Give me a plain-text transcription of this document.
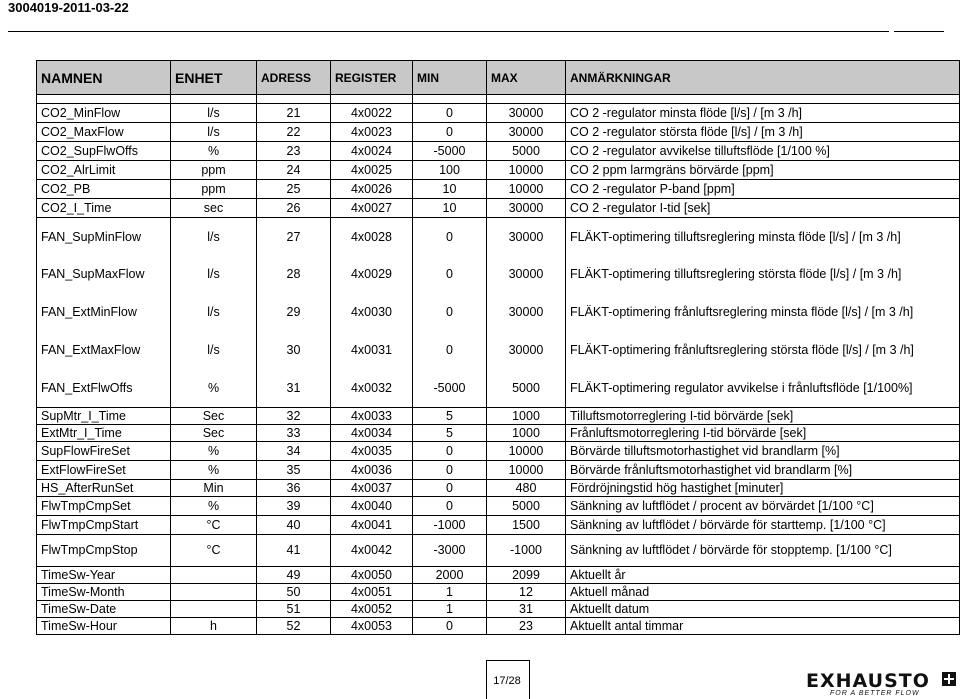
3004019-2011-03-22
NAMNEN	ENHET	ADRESS	REGISTER	MIN	MAX	ANMÄRKNINGAR

CO2_MinFlow	l/s	21	4x0022	0	30000	CO 2 -regulator minsta flöde [l/s] / [m 3 /h]
CO2_MaxFlow	l/s	22	4x0023	0	30000	CO 2 -regulator största flöde [l/s] / [m 3 /h]
CO2_SupFlwOffs	%	23	4x0024	-5000	5000	CO 2 -regulator avvikelse tilluftsflöde [1/100 %]
CO2_AlrLimit	ppm	24	4x0025	100	10000	CO 2 ppm larmgräns börvärde [ppm]
CO2_PB	ppm	25	4x0026	10	10000	CO 2 -regulator P-band [ppm]
CO2_I_Time	sec	26	4x0027	10	30000	CO 2 -regulator I-tid [sek]
FAN_SupMinFlow	l/s	27	4x0028	0	30000	FLÄKT-optimering tilluftsreglering minsta flöde [l/s] / [m 3 /h]
FAN_SupMaxFlow	l/s	28	4x0029	0	30000	FLÄKT-optimering tilluftsreglering största flöde [l/s] / [m 3 /h]
FAN_ExtMinFlow	l/s	29	4x0030	0	30000	FLÄKT-optimering frånluftsreglering minsta flöde [l/s] / [m 3 /h]
FAN_ExtMaxFlow	l/s	30	4x0031	0	30000	FLÄKT-optimering frånluftsreglering största flöde [l/s] / [m 3 /h]
FAN_ExtFlwOffs	%	31	4x0032	-5000	5000	FLÄKT-optimering regulator avvikelse i frånluftsflöde [1/100%]
SupMtr_I_Time	Sec	32	4x0033	5	1000	Tilluftsmotorreglering I-tid börvärde [sek]
ExtMtr_I_Time	Sec	33	4x0034	5	1000	Frånluftsmotorreglering I-tid börvärde [sek]
SupFlowFireSet	%	34	4x0035	0	10000	Börvärde tilluftsmotorhastighet vid brandlarm [%]
ExtFlowFireSet	%	35	4x0036	0	10000	Börvärde frånluftsmotorhastighet vid brandlarm [%]
HS_AfterRunSet	Min	36	4x0037	0	480	Fördröjningstid hög hastighet [minuter]
FlwTmpCmpSet	%	39	4x0040	0	5000	Sänkning av luftflödet / procent av börvärdet [1/100 °C]
FlwTmpCmpStart	°C	40	4x0041	-1000	1500	Sänkning av luftflödet / börvärde för starttemp. [1/100 °C]
FlwTmpCmpStop	°C	41	4x0042	-3000	-1000	Sänkning av luftflödet / börvärde för stopptemp. [1/100 °C]
TimeSw-Year		49	4x0050	2000	2099	Aktuellt år
TimeSw-Month		50	4x0051	1	12	Aktuell månad
TimeSw-Date		51	4x0052	1	31	Aktuellt datum
TimeSw-Hour	h	52	4x0053	0	23	Aktuellt antal timmar
17/28	EXHAUSTO
FOR A BETTER FLOW
